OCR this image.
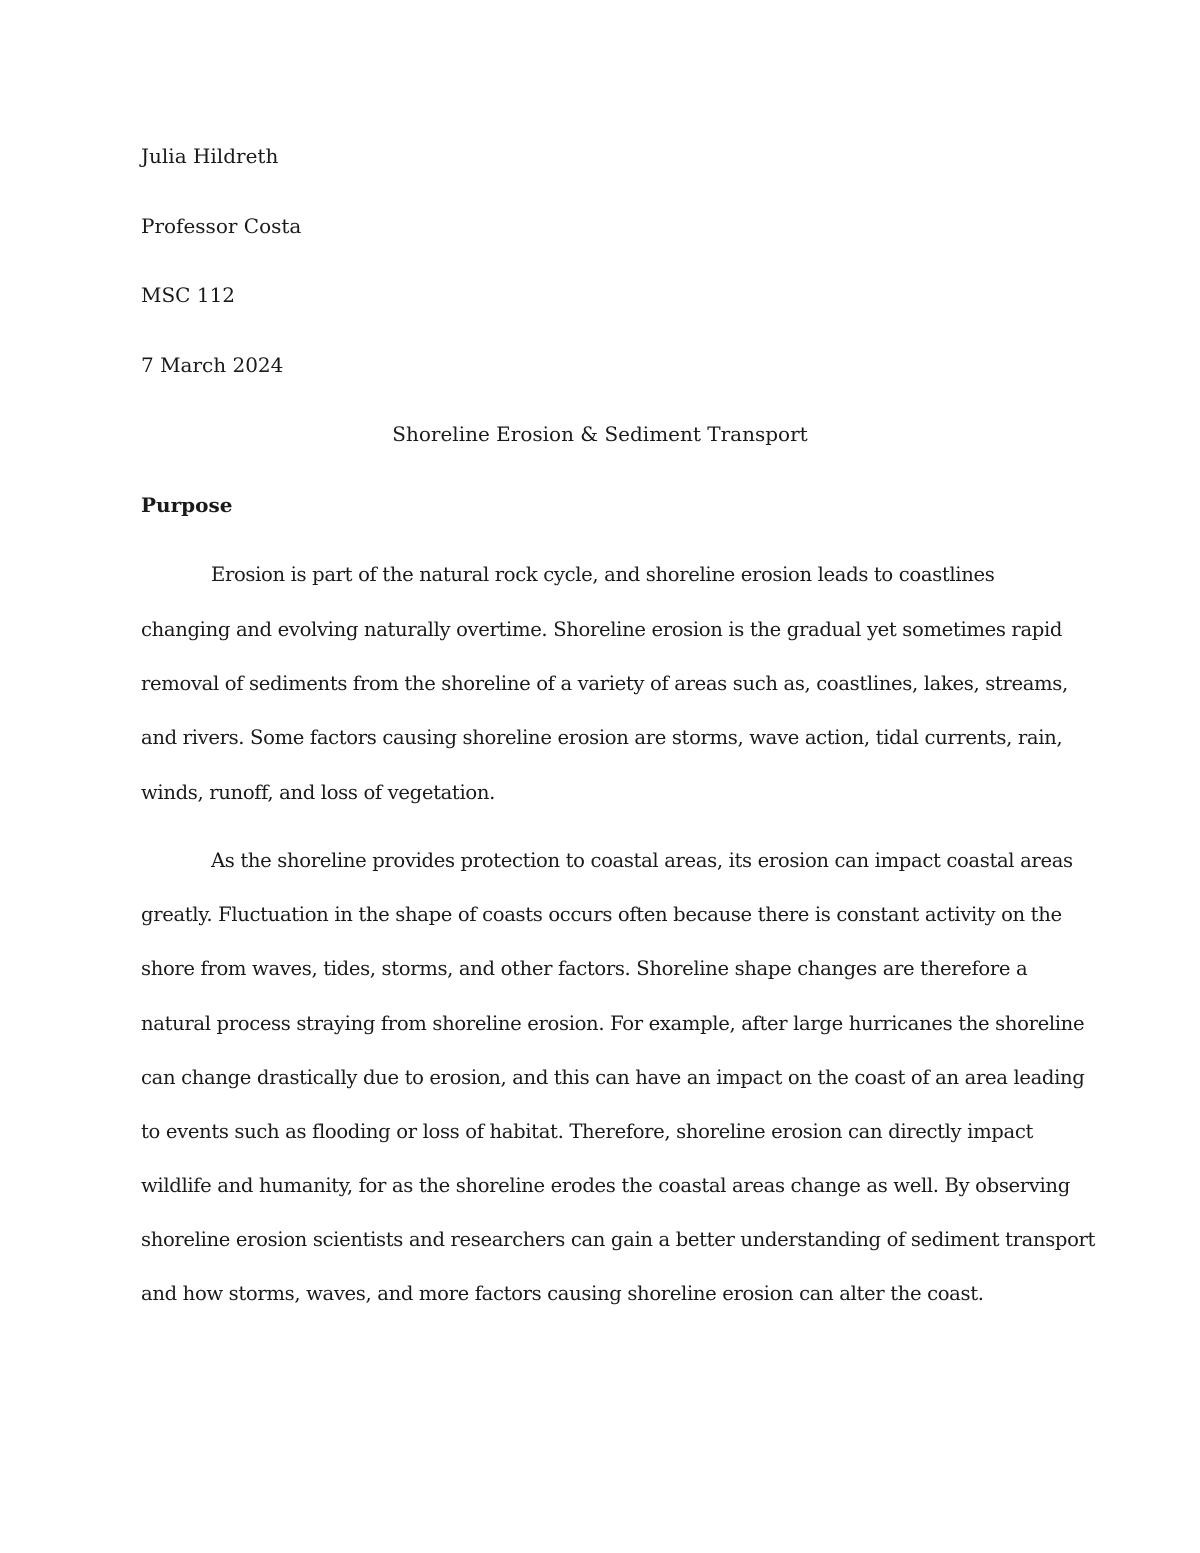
Julia Hildreth

Professor Costa

MSC 112

7 March 2024

Shoreline Erosion & Sediment Transport
Purpose
Erosion is part of the natural rock cycle, and shoreline erosion leads to coastlines
changing and evolving naturally overtime. Shoreline erosion is the gradual yet sometimes rapid
removal of sediments from the shoreline of a variety of areas such as, coastlines, lakes, streams,
and rivers. Some factors causing shoreline erosion are storms, wave action, tidal currents, rain,
winds, runoff, and loss of vegetation.
As the shoreline provides protection to coastal areas, its erosion can impact coastal areas
greatly. Fluctuation in the shape of coasts occurs often because there is constant activity on the
shore from waves, tides, storms, and other factors. Shoreline shape changes are therefore a
natural process straying from shoreline erosion. For example, after large hurricanes the shoreline
can change drastically due to erosion, and this can have an impact on the coast of an area leading
to events such as flooding or loss of habitat. Therefore, shoreline erosion can directly impact
wildlife and humanity, for as the shoreline erodes the coastal areas change as well. By observing
shoreline erosion scientists and researchers can gain a better understanding of sediment transport
and how storms, waves, and more factors causing shoreline erosion can alter the coast.
